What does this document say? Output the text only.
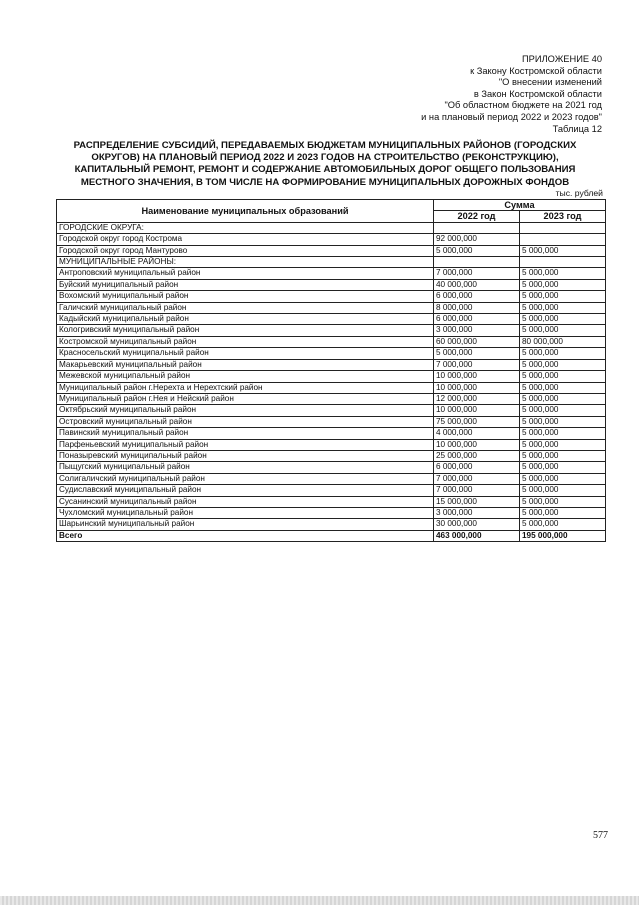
ПРИЛОЖЕНИЕ 40
к Закону Костромской области
"О внесении изменений
в Закон Костромской области
"Об областном бюджете на 2021 год
и на плановый период 2022 и 2023 годов"
Таблица 12
РАСПРЕДЕЛЕНИЕ СУБСИДИЙ, ПЕРЕДАВАЕМЫХ БЮДЖЕТАМ МУНИЦИПАЛЬНЫХ РАЙОНОВ (ГОРОДСКИХ
ОКРУГОВ) НА ПЛАНОВЫЙ ПЕРИОД 2022 И 2023 ГОДОВ НА СТРОИТЕЛЬСТВО (РЕКОНСТРУКЦИЮ),
КАПИТАЛЬНЫЙ РЕМОНТ, РЕМОНТ И СОДЕРЖАНИЕ АВТОМОБИЛЬНЫХ ДОРОГ ОБЩЕГО ПОЛЬЗОВАНИЯ
МЕСТНОГО ЗНАЧЕНИЯ, В ТОМ ЧИСЛЕ НА ФОРМИРОВАНИЕ МУНИЦИПАЛЬНЫХ ДОРОЖНЫХ ФОНДОВ
тыс. рублей
Наименование муниципальных образований	Сумма	
	2022 год	2023 год
ГОРОДСКИЕ ОКРУГА:		
Городской округ город Кострома	92 000,000	
Городской округ город Мантурово	5 000,000	5 000,000
МУНИЦИПАЛЬНЫЕ РАЙОНЫ:		
Антроповский муниципальный район	7 000,000	5 000,000
Буйский муниципальный район	40 000,000	5 000,000
Вохомский муниципальный район	6 000,000	5 000,000
Галичский муниципальный район	8 000,000	5 000,000
Кадыйский муниципальный район	6 000,000	5 000,000
Кологривский муниципальный район	3 000,000	5 000,000
Костромской муниципальный район	60 000,000	80 000,000
Красносельский муниципальный район	5 000,000	5 000,000
Макарьевский муниципальный район	7 000,000	5 000,000
Межевской муниципальный район	10 000,000	5 000,000
Муниципальный район г.Нерехта и Нерехтский район	10 000,000	5 000,000
Муниципальный район г.Нея и Нейский район	12 000,000	5 000,000
Октябрьский муниципальный район	10 000,000	5 000,000
Островский муниципальный район	75 000,000	5 000,000
Павинский муниципальный район	4 000,000	5 000,000
Парфеньевский муниципальный район	10 000,000	5 000,000
Поназыревский муниципальный район	25 000,000	5 000,000
Пыщугский муниципальный район	6 000,000	5 000,000
Солигаличский муниципальный район	7 000,000	5 000,000
Судиславский муниципальный район	7 000,000	5 000,000
Сусанинский муниципальный район	15 000,000	5 000,000
Чухломский муниципальный район	3 000,000	5 000,000
Шарьинский муниципальный район	30 000,000	5 000,000
Всего	463 000,000	195 000,000
577
